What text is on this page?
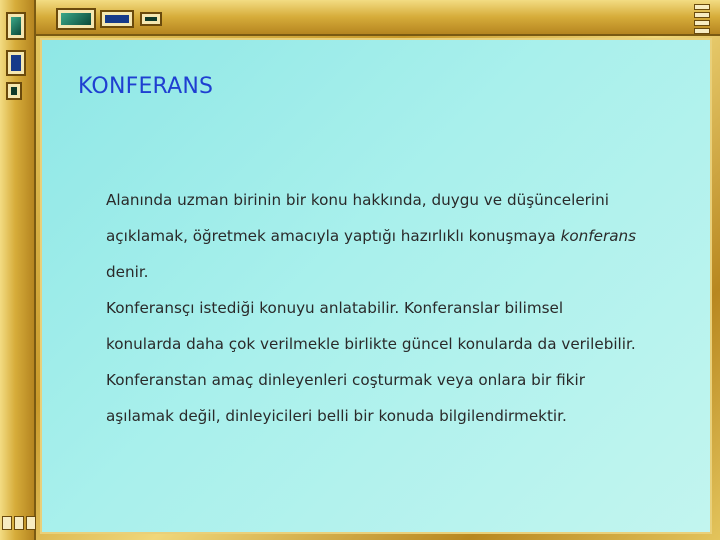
KONFERANS
Alanında uzman birinin bir konu hakkında, duygu ve düşüncelerini
açıklamak, öğretmek amacıyla yaptığı hazırlıklı konuşmaya konferans
denir.
Konferansçı istediği konuyu anlatabilir. Konferanslar bilimsel
konularda daha çok verilmekle birlikte güncel konularda da verilebilir.
Konferanstan amaç dinleyenleri coşturmak veya onlara bir fikir
aşılamak değil, dinleyicileri belli bir konuda bilgilendirmektir.
